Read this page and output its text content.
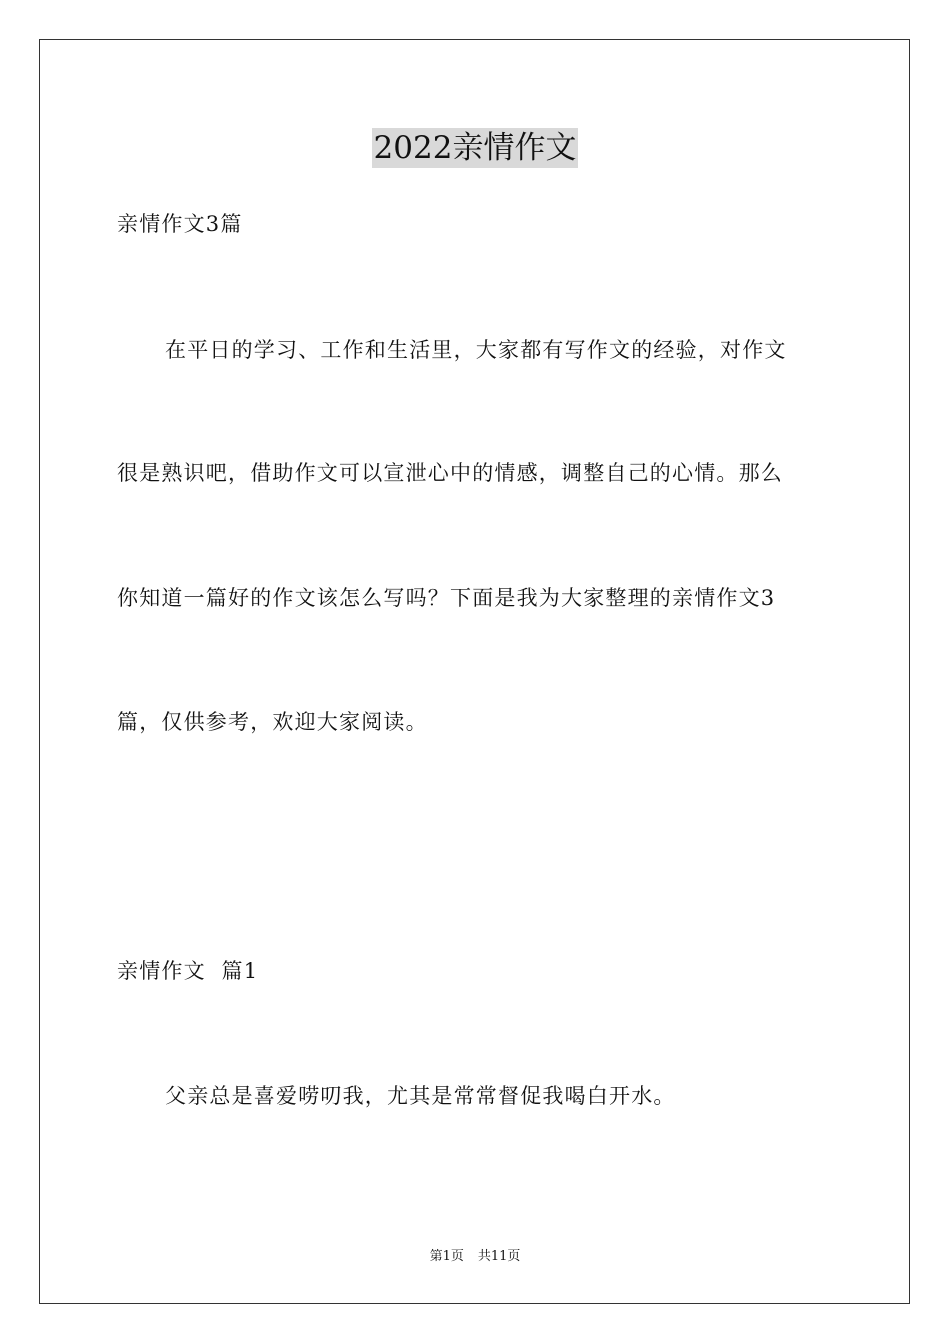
2022亲情作文
亲情作文3篇
在平日的学习、工作和生活里，大家都有写作文的经验，对作文
很是熟识吧，借助作文可以宣泄心中的情感，调整自己的心情。那么
你知道一篇好的作文该怎么写吗？下面是我为大家整理的亲情作文3
篇，仅供参考，欢迎大家阅读。
亲情作文  篇1
父亲总是喜爱唠叨我，尤其是常常督促我喝白开水。
第1页 共11页
